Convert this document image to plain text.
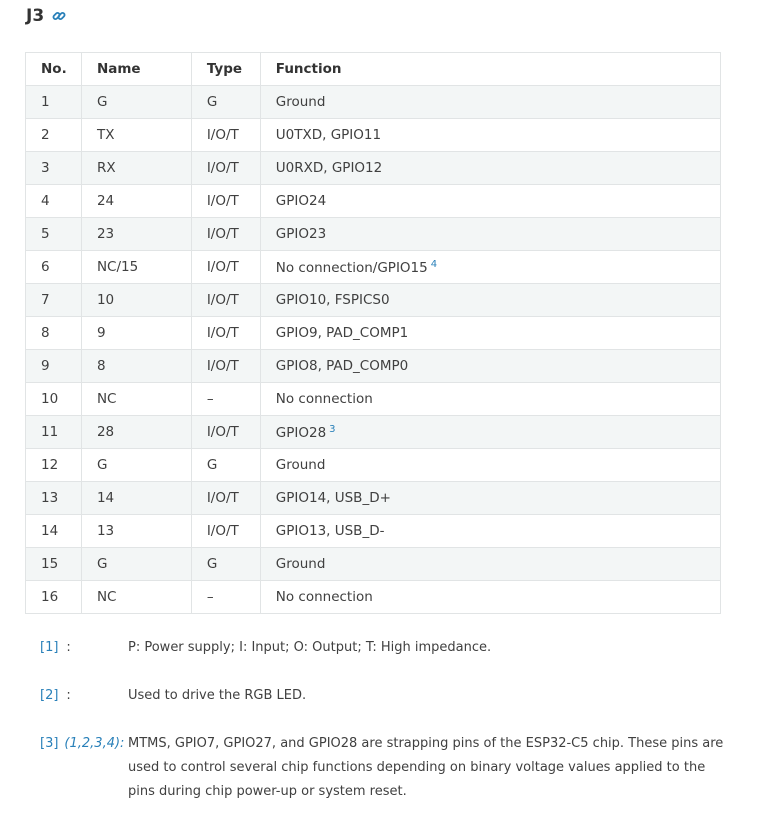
J3
No.	Name	Type	Function
1	G	G	Ground
2	TX	I/O/T	U0TXD, GPIO11
3	RX	I/O/T	U0RXD, GPIO12
4	24	I/O/T	GPIO24
5	23	I/O/T	GPIO23
6	NC/15	I/O/T	No connection/GPIO15 $^4$
7	10	I/O/T	GPIO10, FSPICS0
8	9	I/O/T	GPIO9, PAD_COMP1
9	8	I/O/T	GPIO8, PAD_COMP0
10	NC	–	No connection
11	28	I/O/T	GPIO28 $^3$
12	G	G	Ground
13	14	I/O/T	GPIO14, USB_D+
14	13	I/O/T	GPIO13, USB_D-
15	G	G	Ground
16	NC	–	No connection
[1] :	P: Power supply; I: Input; O: Output; T: High impedance.
[2] :	Used to drive the RGB LED.
[3] (1,2,3,4): MTMS, GPIO7, GPIO27, and GPIO28 are strapping pins of the ESP32-C5 chip. These pins are used to control several chip functions depending on binary voltage values applied to the pins during chip power-up or system reset.
